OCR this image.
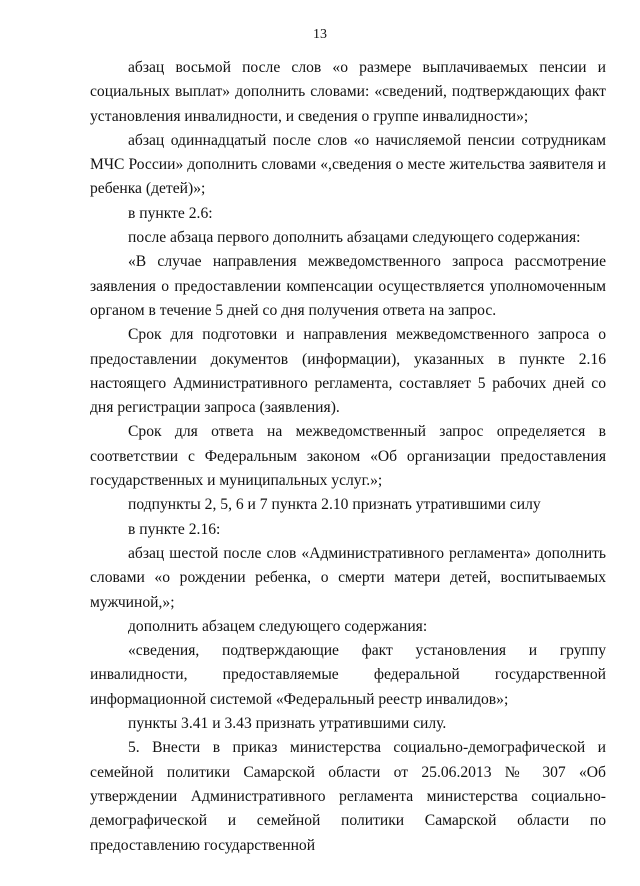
13

абзац восьмой после слов «о размере выплачиваемых пенсии и социальных выплат» дополнить словами: «сведений, подтверждающих факт установления инвалидности, и сведения о группе инвалидности»;

абзац одиннадцатый после слов «о начисляемой пенсии сотрудникам МЧС России» дополнить словами «,сведения о месте жительства заявителя и ребенка (детей)»;

в пункте 2.6:

после абзаца первого дополнить абзацами следующего содержания:

«В случае направления межведомственного запроса рассмотрение заявления о предоставлении компенсации осуществляется уполномоченным органом в течение 5 дней со дня получения ответа на запрос.

Срок для подготовки и направления межведомственного запроса о предоставлении документов (информации), указанных в пункте 2.16 настоящего Административного регламента, составляет 5 рабочих дней со дня регистрации запроса (заявления).

Срок для ответа на межведомственный запрос определяется в соответствии с Федеральным законом «Об организации предоставления государственных и муниципальных услуг.»;

подпункты 2, 5, 6 и 7 пункта 2.10 признать утратившими силу

в пункте 2.16:

абзац шестой после слов «Административного регламента» дополнить словами «о рождении ребенка, о смерти матери детей, воспитываемых мужчиной,»;

дополнить абзацем следующего содержания:

«сведения, подтверждающие факт установления и группу инвалидности, предоставляемые федеральной государственной информационной системой «Федеральный реестр инвалидов»;

пункты 3.41 и 3.43 признать утратившими силу.

5. Внести в приказ министерства социально-демографической и семейной политики Самарской области от 25.06.2013 № 307 «Об утверждении Административного регламента министерства социально-демографической и семейной политики Самарской области по предоставлению государственной
